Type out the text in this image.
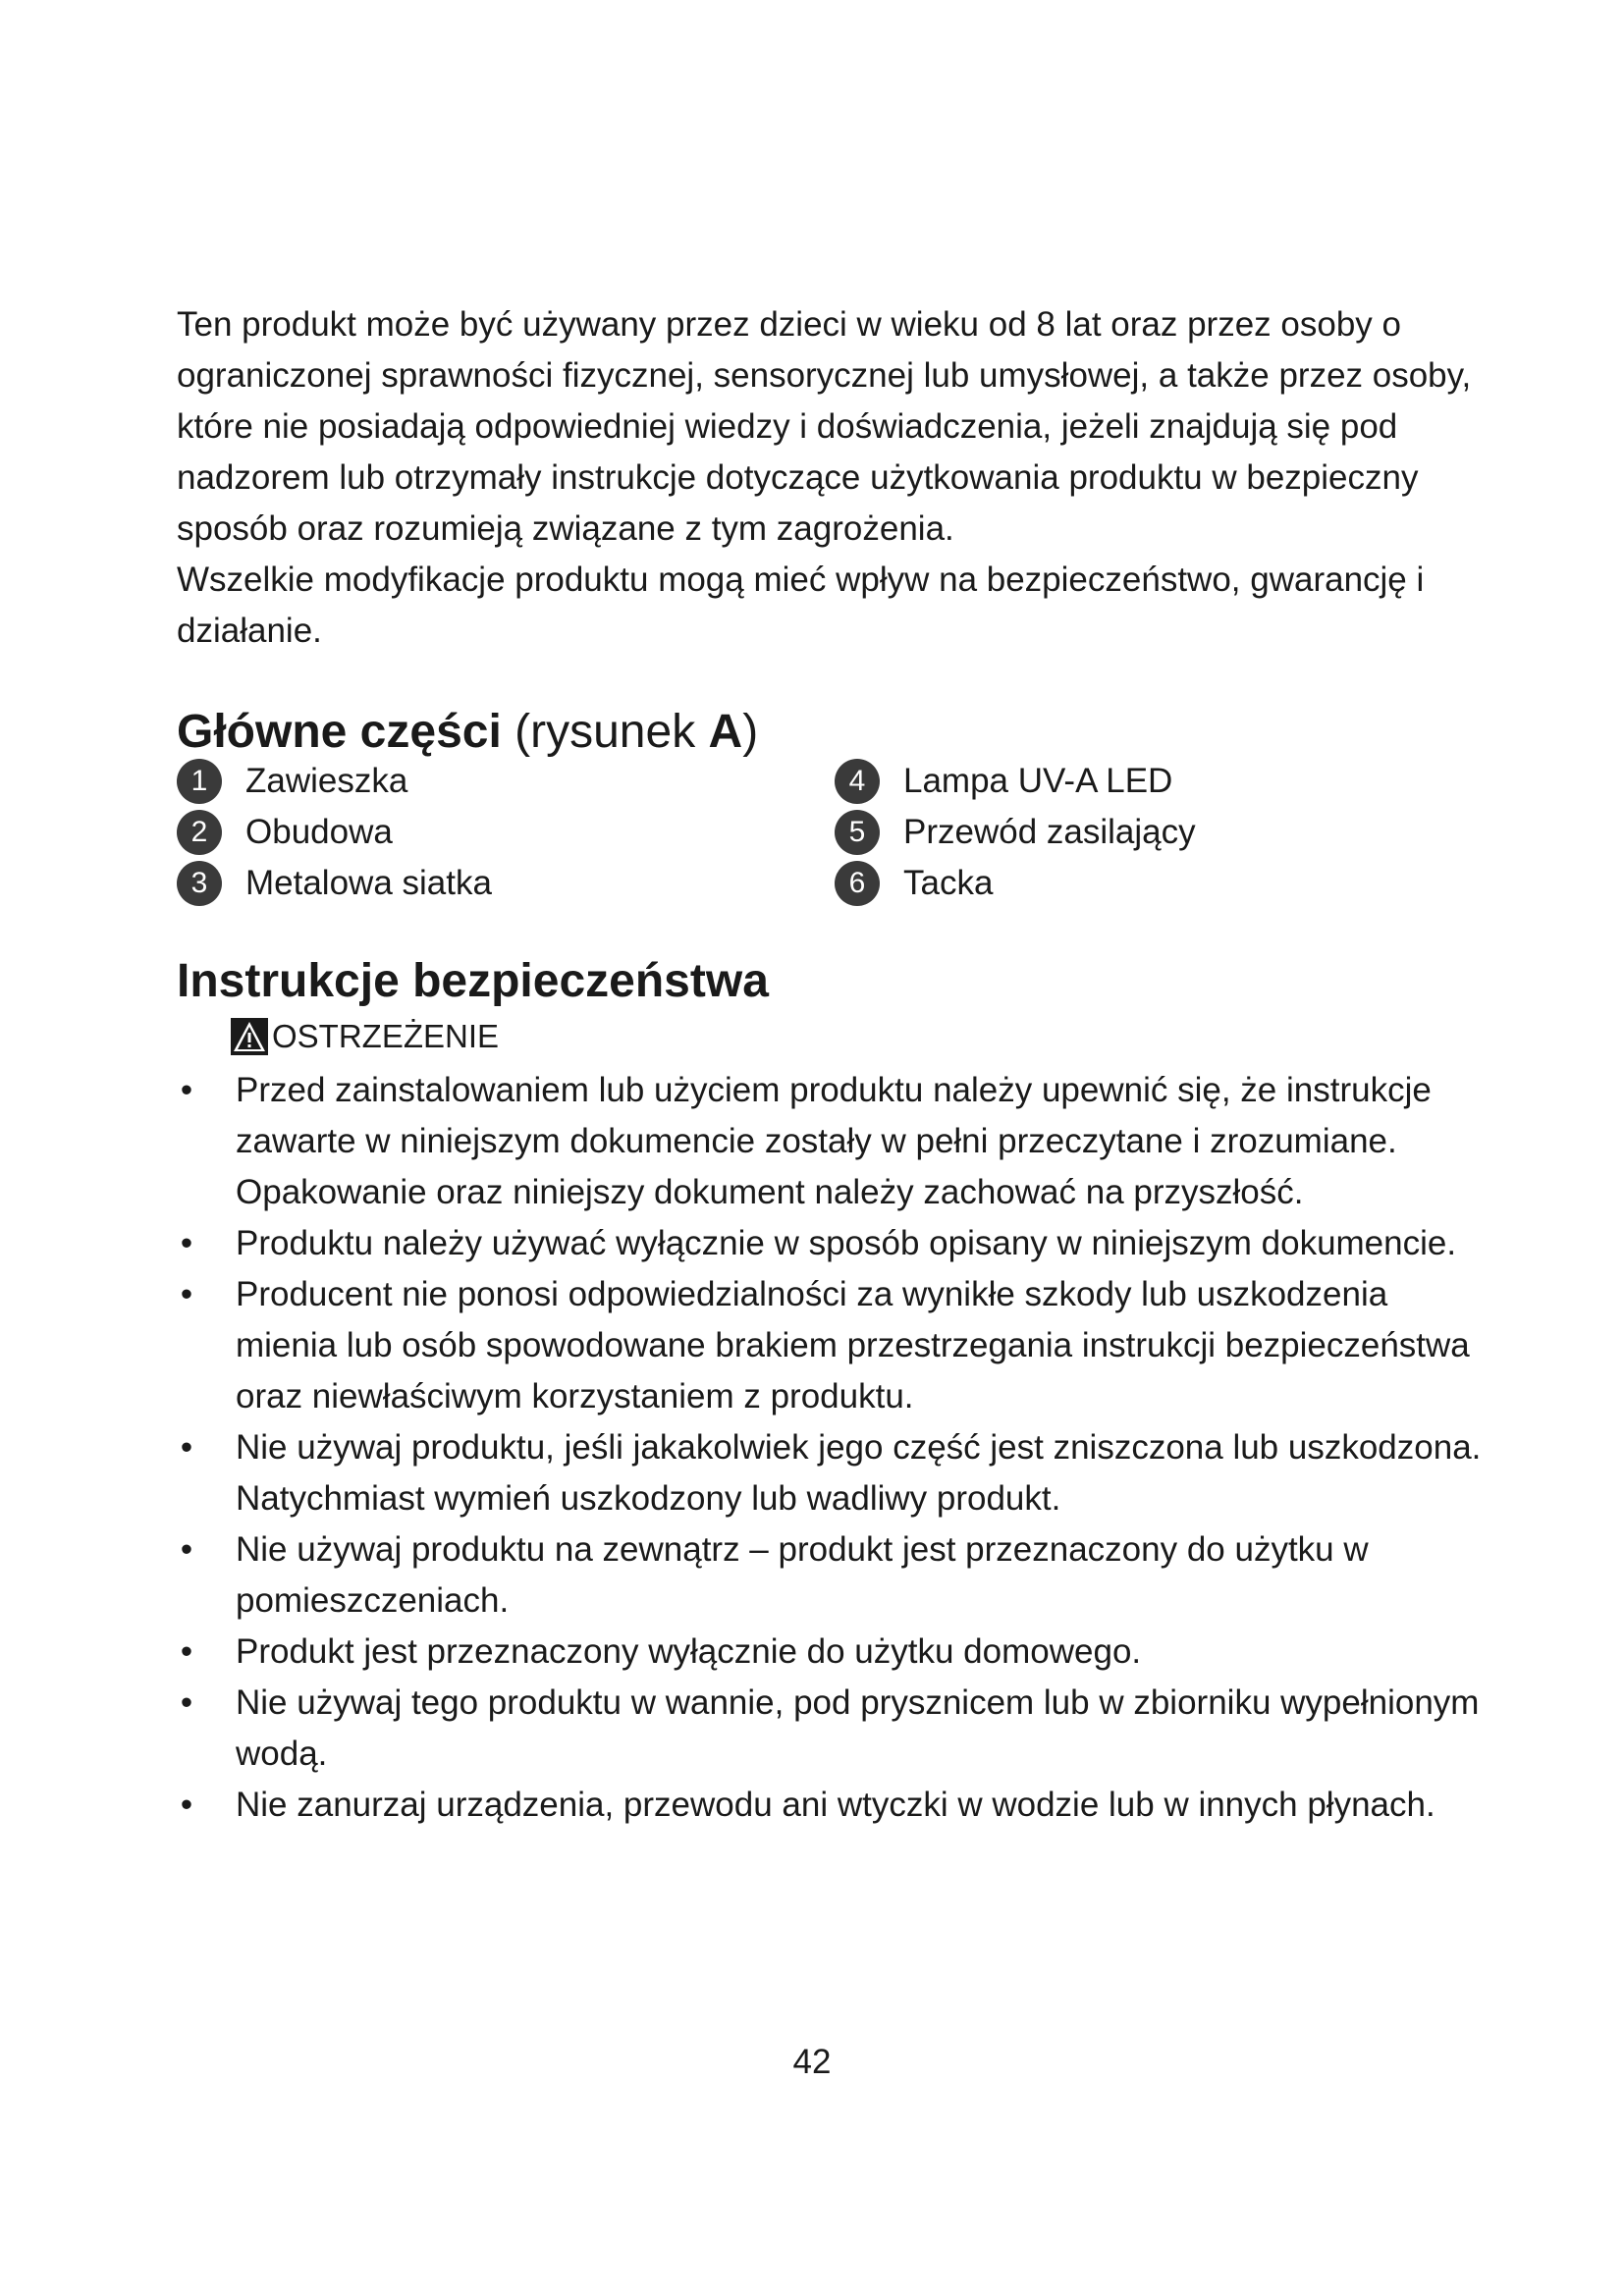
Ten produkt może być używany przez dzieci w wieku od 8 lat oraz przez osoby o ograniczonej sprawności fizycznej, sensorycznej lub umysłowej, a także przez osoby, które nie posiadają odpowiedniej wiedzy i doświadczenia, jeżeli znajdują się pod nadzorem lub otrzymały instrukcje dotyczące użytkowania produktu w bezpieczny sposób oraz rozumieją związane z tym zagrożenia.

Wszelkie modyfikacje produktu mogą mieć wpływ na bezpieczeństwo, gwarancję i działanie.

Główne części (rysunek A)
1	Zawieszka
2	Obudowa
3	Metalowa siatka
4	Lampa UV-A LED
5	Przewód zasilający
6	Tacka
Instrukcje bezpieczeństwa
OSTRZEŻENIE
• Przed zainstalowaniem lub użyciem produktu należy upewnić się, że instrukcje zawarte w niniejszym dokumencie zostały w pełni przeczytane i zrozumiane. Opakowanie oraz niniejszy dokument należy zachować na przyszłość.
• Produktu należy używać wyłącznie w sposób opisany w niniejszym dokumencie.
• Producent nie ponosi odpowiedzialności za wynikłe szkody lub uszkodzenia mienia lub osób spowodowane brakiem przestrzegania instrukcji bezpieczeństwa oraz niewłaściwym korzystaniem z produktu.
• Nie używaj produktu, jeśli jakakolwiek jego część jest zniszczona lub uszkodzona. Natychmiast wymień uszkodzony lub wadliwy produkt.
• Nie używaj produktu na zewnątrz – produkt jest przeznaczony do użytku w pomieszczeniach.
• Produkt jest przeznaczony wyłącznie do użytku domowego.
• Nie używaj tego produktu w wannie, pod prysznicem lub w zbiorniku wypełnionym wodą.
• Nie zanurzaj urządzenia, przewodu ani wtyczki w wodzie lub w innych płynach.
42
